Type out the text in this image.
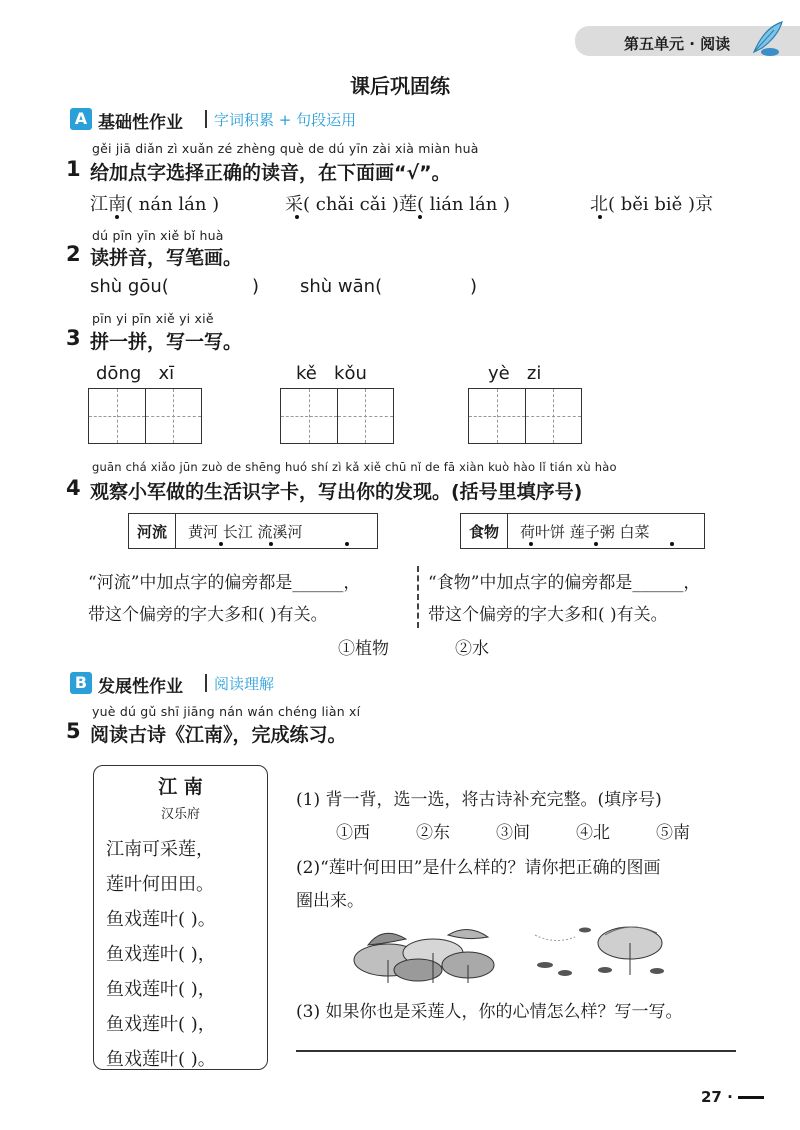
第五单元 · 阅读
课后巩固练
A 基础性作业 字词积累 + 句段运用
gěi jiā diǎn zì xuǎn zé zhèng què de dú yīn zài xià miàn huà
1 给加点字选择正确的读音，在下面画“√”。
江南( nán lán )	采( chǎi cǎi )莲( lián lán )	北( běi biě )京
dú pīn yīn xiě bǐ huà
2 读拼音，写笔画。
shù gōu(	) shù wān(	)
pīn yi pīn xiě yi xiě
3 拼一拼，写一写。
dōng   xī	kě   kǒu	yè   zi
guān chá xiǎo jūn zuò de shēng huó shí zì kǎ xiě chū nǐ de fā xiàn kuò hào lǐ tián xù hào
4 观察小军做的生活识字卡，写出你的发现。(括号里填序号)
河流	黄河 长江 流溪河	食物	荷叶饼 莲子粥 白菜
“河流”中加点字的偏旁都是______，
带这个偏旁的字大多和( )有关。
“食物”中加点字的偏旁都是______，
带这个偏旁的字大多和( )有关。
①植物	②水
B 发展性作业 阅读理解
yuè dú gǔ shī jiāng nán wán chéng liàn xí
5 阅读古诗《江南》，完成练习。
江 南
汉乐府
江南可采莲，
莲叶何田田。
鱼戏莲叶( )。
鱼戏莲叶( )，
鱼戏莲叶( )，
鱼戏莲叶( )，
鱼戏莲叶( )。
(1) 背一背，选一选，将古诗补充完整。(填序号)
①西	②东	③间	④北	⑤南
(2)“莲叶何田田”是什么样的？请你把正确的图画
圈出来。
(3) 如果你也是采莲人，你的心情怎么样？写一写。
27 ·
